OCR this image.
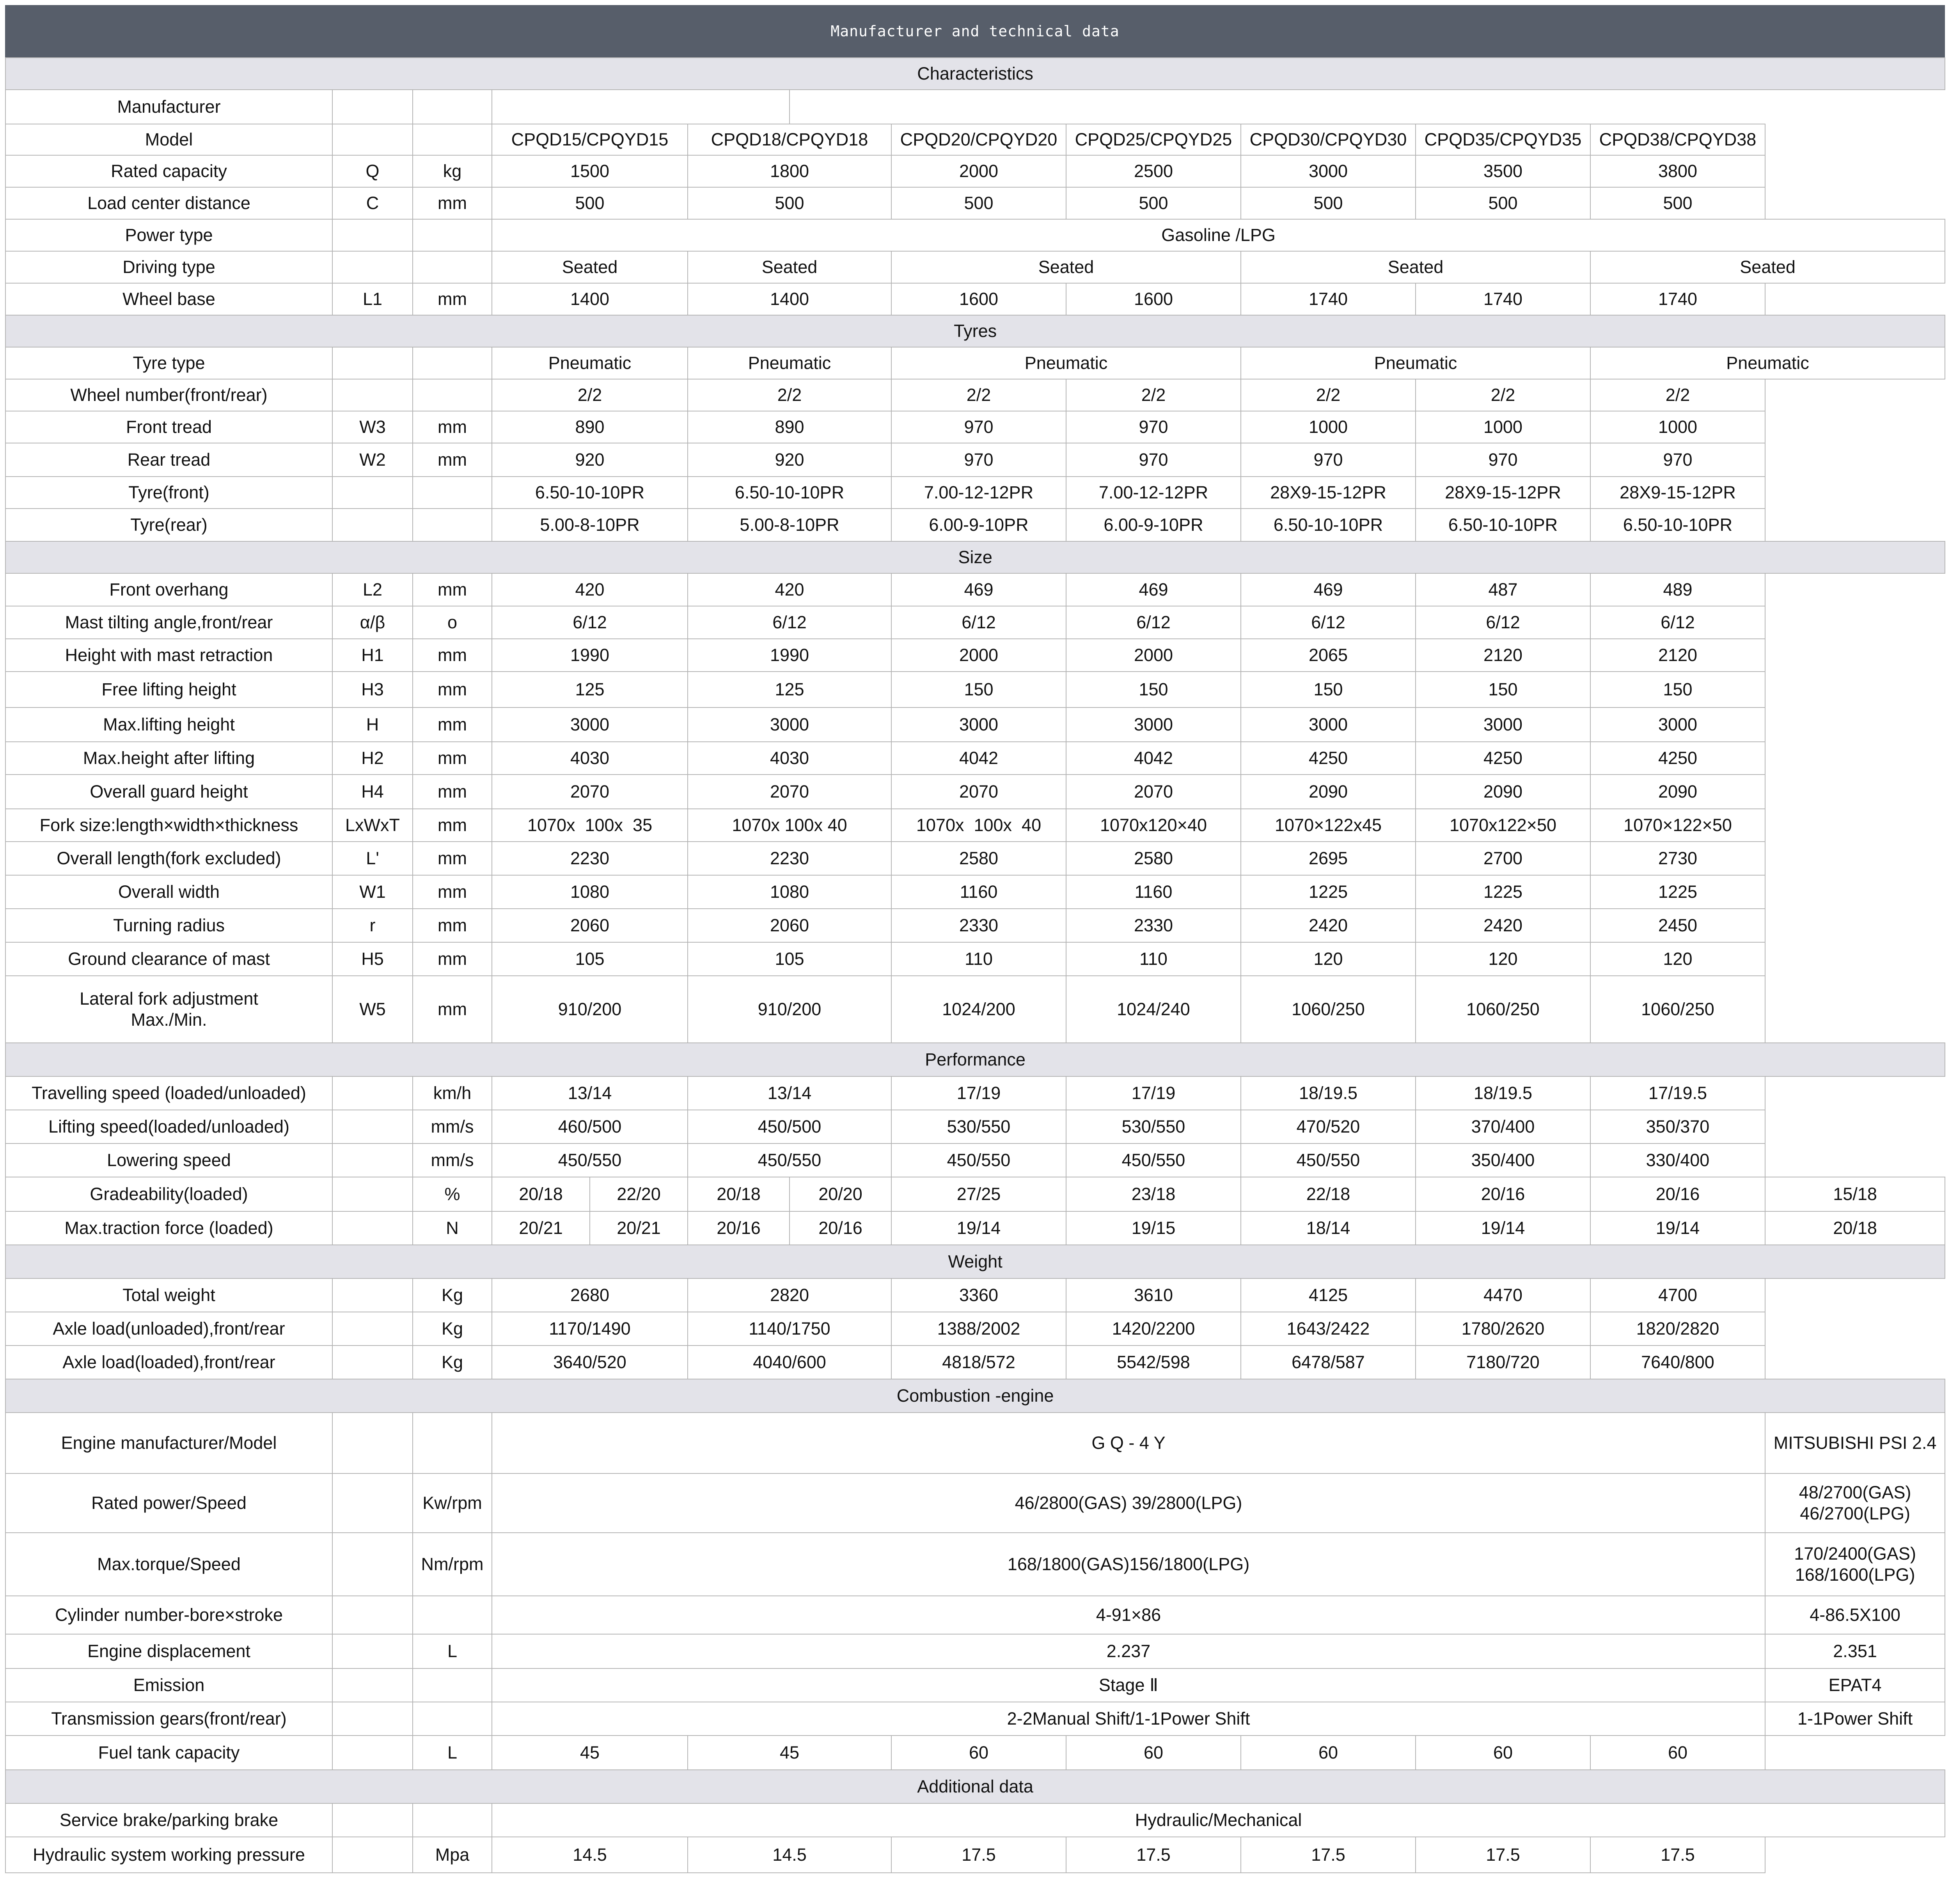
Manufacturer and technical data
Characteristics												
Manufacturer												
Model			CPQD15/CPQYD15		CPQD18/CPQYD18		CPQD20/CPQYD20	CPQD25/CPQYD25	CPQD30/CPQYD30	CPQD35/CPQYD35	CPQD38/CPQYD38	
Rated capacity	Q	kg	1500		1800		2000	2500	3000	3500	3800	
Load center distance	C	mm	500		500		500	500	500	500	500	
Power type			Gasoline /LPG									
Driving type			Seated		Seated		Seated		Seated		Seated	
Wheel base	L1	mm	1400		1400		1600	1600	1740	1740	1740	
Tyres												
Tyre type			Pneumatic		Pneumatic		Pneumatic		Pneumatic		Pneumatic	
Wheel number(front/rear)			2/2		2/2		2/2	2/2	2/2	2/2	2/2	
Front tread	W3	mm	890		890		970	970	1000	1000	1000	
Rear tread	W2	mm	920		920		970	970	970	970	970	
Tyre(front)			6.50-10-10PR		6.50-10-10PR		7.00-12-12PR	7.00-12-12PR	28X9-15-12PR	28X9-15-12PR	28X9-15-12PR	
Tyre(rear)			5.00-8-10PR		5.00-8-10PR		6.00-9-10PR	6.00-9-10PR	6.50-10-10PR	6.50-10-10PR	6.50-10-10PR	
Size												
Front overhang	L2	mm	420		420		469	469	469	487	489	
Mast tilting angle,front/rear	α/β	o	6/12		6/12		6/12	6/12	6/12	6/12	6/12	
Height with mast retraction	H1	mm	1990		1990		2000	2000	2065	2120	2120	
Free lifting height	H3	mm	125		125		150	150	150	150	150	
Max.lifting height	H	mm	3000		3000		3000	3000	3000	3000	3000	
Max.height after lifting	H2	mm	4030		4030		4042	4042	4250	4250	4250	
Overall guard height	H4	mm	2070		2070		2070	2070	2090	2090	2090	
Fork size:length×width×thickness	LxWxT	mm	1070x  100x  35		1070x 100x 40		1070x  100x  40	1070x120×40	1070×122x45	1070x122×50	1070×122×50	
Overall length(fork excluded)	L'	mm	2230		2230		2580	2580	2695	2700	2730	
Overall width	W1	mm	1080		1080		1160	1160	1225	1225	1225	
Turning radius	r	mm	2060		2060		2330	2330	2420	2420	2450	
Ground clearance of mast	H5	mm	105		105		110	110	120	120	120	
Lateral fork adjustment
Max./Min.	W5	mm	910/200		910/200		1024/200	1024/240	1060/250	1060/250	1060/250	
Performance												
Travelling speed (loaded/unloaded)		km/h	13/14		13/14		17/19	17/19	18/19.5	18/19.5	17/19.5	
Lifting speed(loaded/unloaded)		mm/s	460/500		450/500		530/550	530/550	470/520	370/400	350/370	
Lowering speed		mm/s	450/550		450/550		450/550	450/550	450/550	350/400	330/400	
Gradeability(loaded)		%	20/18	22/20	20/18	20/20	27/25	23/18	22/18	20/16	20/16	15/18
Max.traction force (loaded)		N	20/21	20/21	20/16	20/16	19/14	19/15	18/14	19/14	19/14	20/18
Weight												
Total weight		Kg	2680		2820		3360	3610	4125	4470	4700	
Axle load(unloaded),front/rear		Kg	1170/1490		1140/1750		1388/2002	1420/2200	1643/2422	1780/2620	1820/2820	
Axle load(loaded),front/rear		Kg	3640/520		4040/600		4818/572	5542/598	6478/587	7180/720	7640/800	
Combustion -engine												
Engine manufacturer/Model			G Q - 4 Y									MITSUBISHI PSI 2.4
Rated power/Speed		Kw/rpm	46/2800(GAS) 39/2800(LPG)									48/2700(GAS)
46/2700(LPG)
Max.torque/Speed		Nm/rpm	168/1800(GAS)156/1800(LPG)									170/2400(GAS)
168/1600(LPG)
Cylinder number-bore×stroke			4-91×86									4-86.5X100
Engine displacement		L	2.237									2.351
Emission			Stage Ⅱ									EPAT4
Transmission gears(front/rear)			2-2Manual Shift/1-1Power Shift									1-1Power Shift
Fuel tank capacity		L	45		45		60	60	60	60	60	
Additional data												
Service brake/parking brake			Hydraulic/Mechanical									
Hydraulic system working pressure		Mpa	14.5		14.5		17.5	17.5	17.5	17.5	17.5	
